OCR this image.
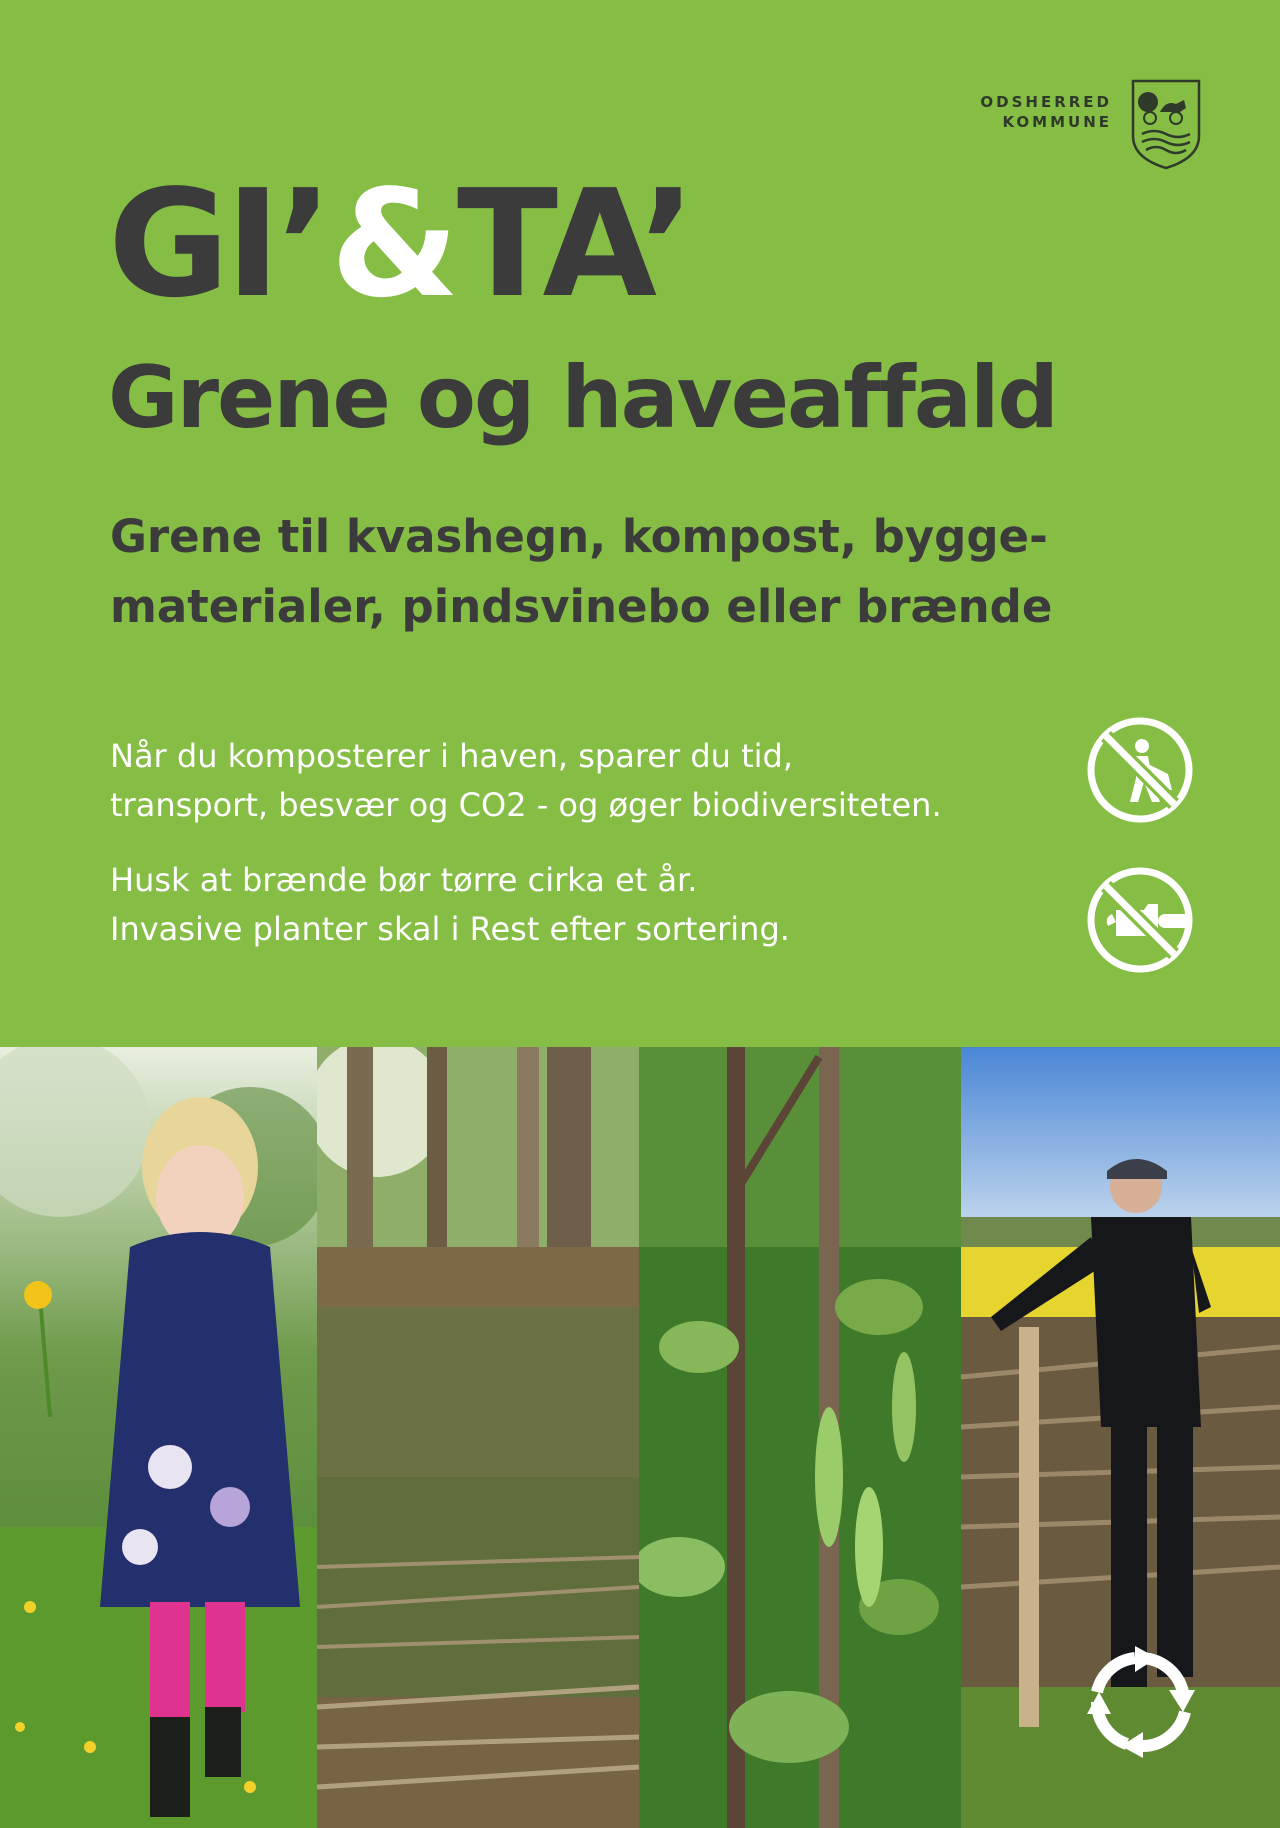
ODSHERRED
KOMMUNE
GI’ & TA’
Grene og haveaffald
Grene til kvashegn, kompost, bygge-
materialer, pindsvinebo eller brænde
Når du komposterer i haven, sparer du tid,
transport, besvær og CO2 - og øger biodiversiteten.
Husk at brænde bør tørre cirka et år.
Invasive planter skal i Rest efter sortering.
